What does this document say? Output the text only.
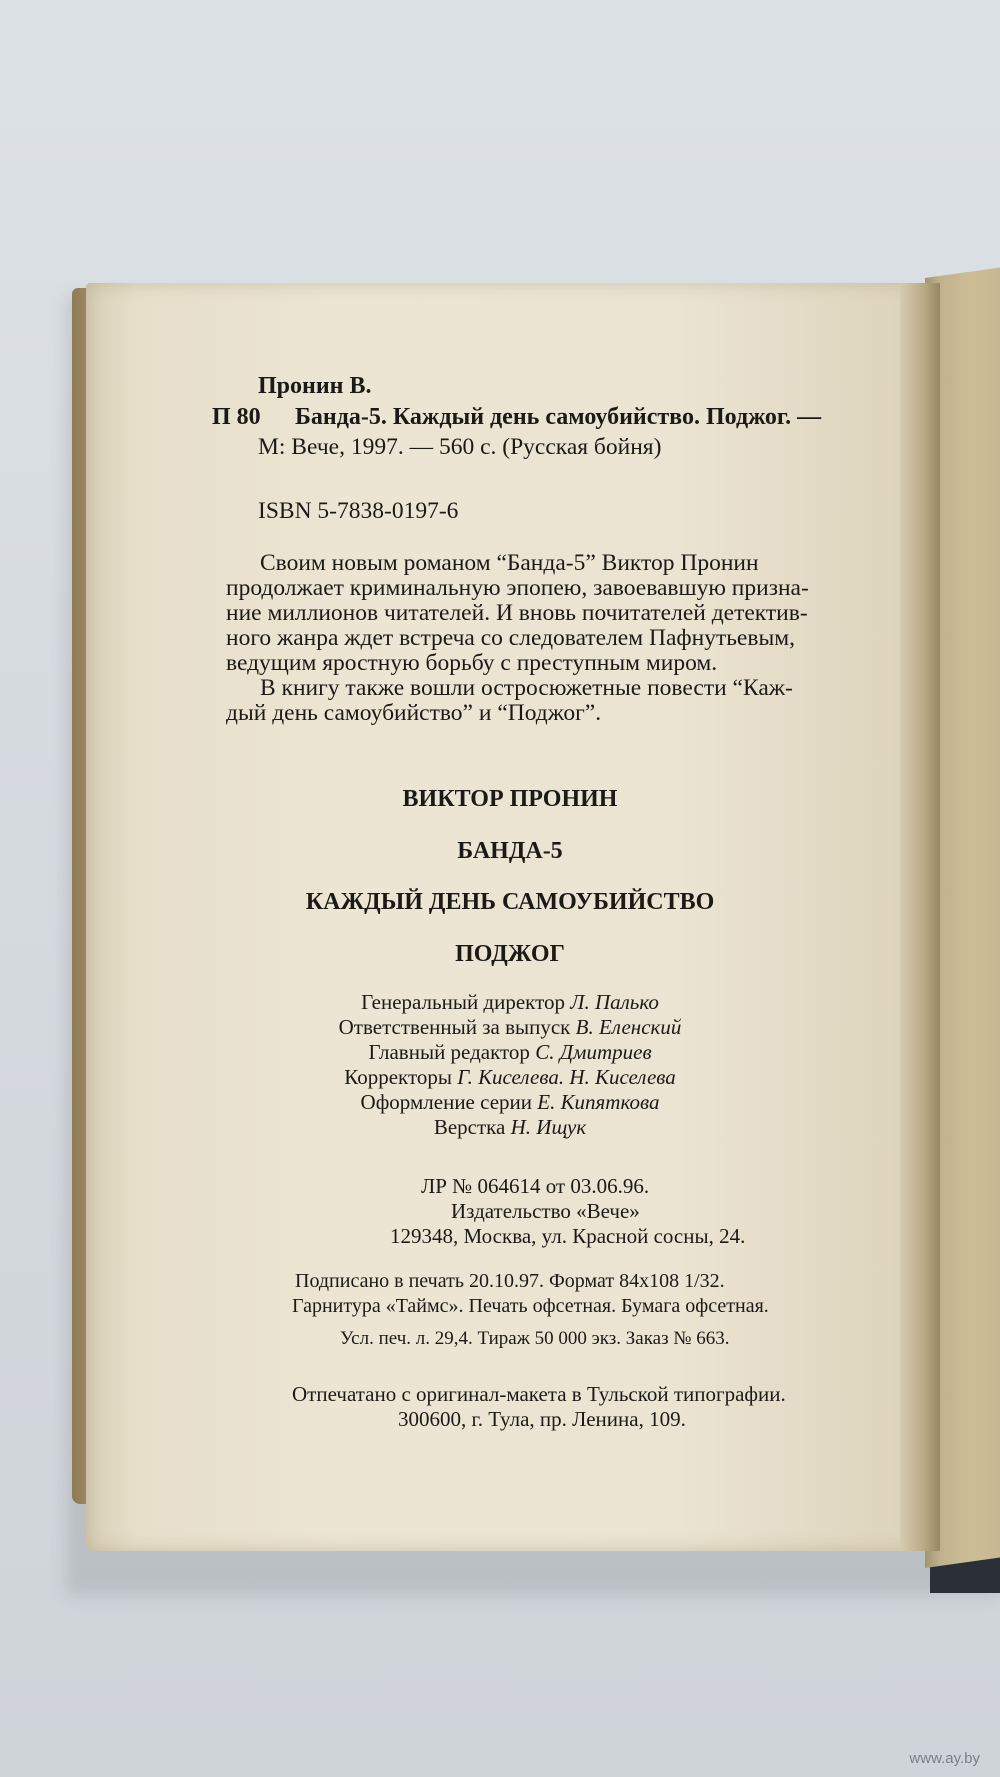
Пронин В.
П 80 Банда-5. Каждый день самоубийство. Поджог. —
М: Вече, 1997. — 560 с. (Русская бойня)
ISBN 5-7838-0197-6
Своим новым романом “Банда-5” Виктор Пронин
продолжает криминальную эпопею, завоевавшую призна-
ние миллионов читателей. И вновь почитателей детектив-
ного жанра ждет встреча со следователем Пафнутьевым,
ведущим яростную борьбу с преступным миром.
В книгу также вошли остросюжетные повести “Каж-
дый день самоубийство” и “Поджог”.
ВИКТОР ПРОНИН
БАНДА-5
КАЖДЫЙ ДЕНЬ САМОУБИЙСТВО
ПОДЖОГ
Генеральный директор Л. Палько
Ответственный за выпуск В. Еленский
Главный редактор С. Дмитриев
Корректоры Г. Киселева. Н. Киселева
Оформление серии Е. Кипяткова
Верстка Н. Ищук
ЛР № 064614 от 03.06.96.
Издательство «Вече»
129348, Москва, ул. Красной сосны, 24.
Подписано в печать 20.10.97. Формат 84x108 1/32.
Гарнитура «Таймс». Печать офсетная. Бумага офсетная.
Усл. печ. л. 29,4. Тираж 50 000 экз. Заказ № 663.
Отпечатано с оригинал-макета в Тульской типографии.
300600, г. Тула, пр. Ленина, 109.
www.ay.by
